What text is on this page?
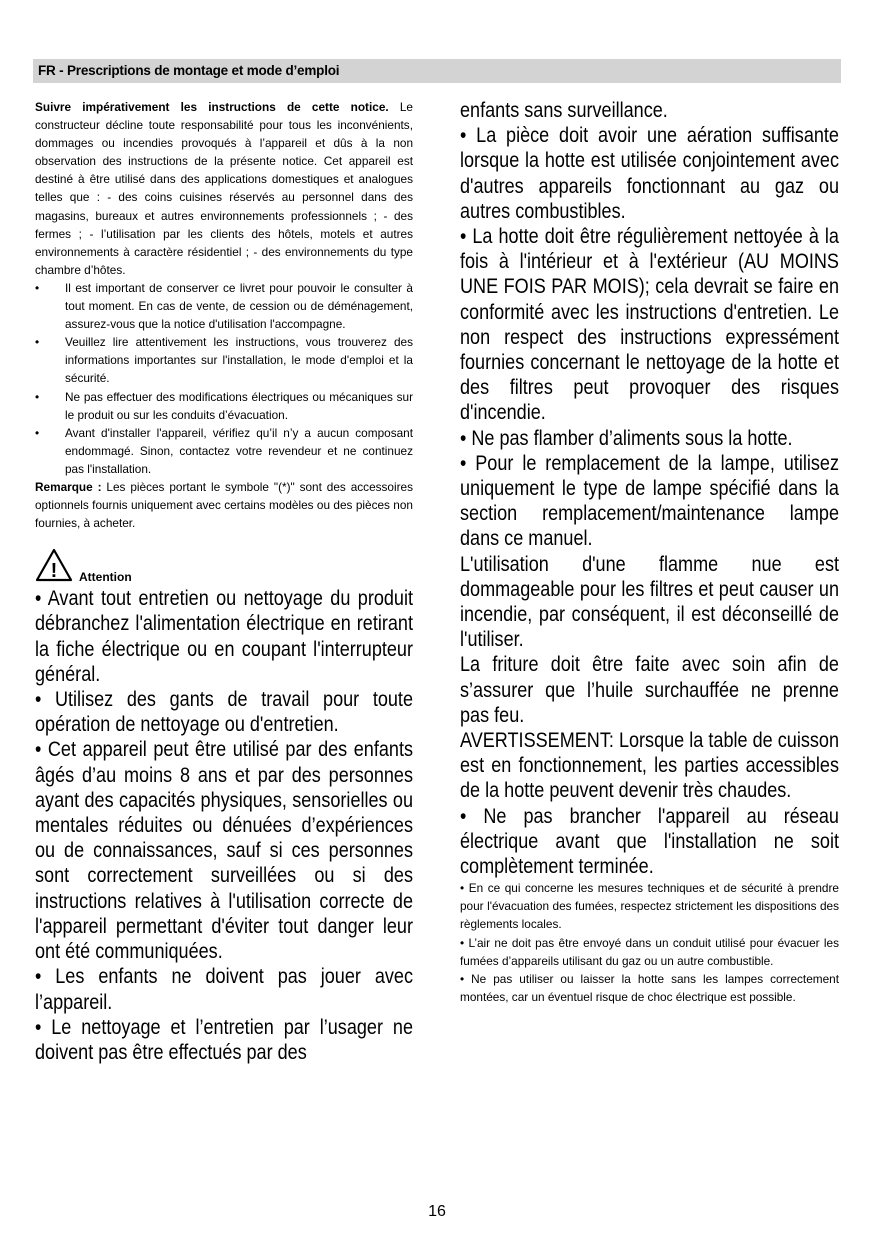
FR - Prescriptions de montage et mode d’emploi

Suivre impérativement les instructions de cette notice. Le constructeur décline toute responsabilité pour tous les inconvénients, dommages ou incendies provoqués à l’appareil et dûs à la non observation des instructions de la présente notice. Cet appareil est destiné à être utilisé dans des applications domestiques et analogues telles que : - des coins cuisines réservés au personnel dans des magasins, bureaux et autres environnements professionnels ; - des fermes ; - l’utilisation par les clients des hôtels, motels et autres environnements à caractère résidentiel ; - des environnements du type chambre d’hôtes.

• Il est important de conserver ce livret pour pouvoir le consulter à tout moment. En cas de vente, de cession ou de déménagement, assurez-vous que la notice d'utilisation l'accompagne.
• Veuillez lire attentivement les instructions, vous trouverez des informations importantes sur l'installation, le mode d'emploi et la sécurité.
• Ne pas effectuer des modifications électriques ou mécaniques sur le produit ou sur les conduits d’évacuation.
• Avant d'installer l'appareil, vérifiez qu’il n’y a aucun composant endommagé. Sinon, contactez votre revendeur et ne continuez pas l'installation.

Remarque : Les pièces portant le symbole "(*)" sont des accessoires optionnels fournis uniquement avec certains modèles ou des pièces non fournies, à acheter.

! Attention

• Avant tout entretien ou nettoyage du produit débranchez l'alimentation électrique en retirant la fiche électrique ou en coupant l'interrupteur général.

• Utilisez des gants de travail pour toute opération de nettoyage ou d'entretien.

• Cet appareil peut être utilisé par des enfants âgés d’au moins 8 ans et par des personnes ayant des capacités physiques, sensorielles ou mentales réduites ou dénuées d’expériences ou de connaissances, sauf si ces personnes sont correctement surveillées ou si des instructions relatives à l'utilisation correcte de l'appareil permettant d'éviter tout danger leur ont été communiquées.

• Les enfants ne doivent pas jouer avec l’appareil.

• Le nettoyage et l’entretien par l’usager ne doivent pas être effectués par des

enfants sans surveillance.

• La pièce doit avoir une aération suffisante lorsque la hotte est utilisée conjointement avec d'autres appareils fonctionnant au gaz ou autres combustibles.

• La hotte doit être régulièrement nettoyée à la fois à l'intérieur et à l'extérieur (AU MOINS UNE FOIS PAR MOIS); cela devrait se faire en conformité avec les instructions d'entretien. Le non respect des instructions expressément fournies concernant le nettoyage de la hotte et des filtres peut provoquer des risques d'incendie.

• Ne pas flamber d’aliments sous la hotte.

• Pour le remplacement de la lampe, utilisez uniquement le type de lampe spécifié dans la section remplacement/maintenance lampe dans ce manuel.

L'utilisation d'une flamme nue est dommageable pour les filtres et peut causer un incendie, par conséquent, il est déconseillé de l'utiliser.

La friture doit être faite avec soin afin de s’assurer que l’huile surchauffée ne prenne pas feu.

AVERTISSEMENT: Lorsque la table de cuisson est en fonctionnement, les parties accessibles de la hotte peuvent devenir très chaudes.

• Ne pas brancher l'appareil au réseau électrique avant que l'installation ne soit complètement terminée.

• En ce qui concerne les mesures techniques et de sécurité à prendre pour l'évacuation des fumées, respectez strictement les dispositions des règlements locales.

• L’air ne doit pas être envoyé dans un conduit utilisé pour évacuer les fumées d’appareils utilisant du gaz ou un autre combustible.

• Ne pas utiliser ou laisser la hotte sans les lampes correctement montées, car un éventuel risque de choc électrique est possible.

16
